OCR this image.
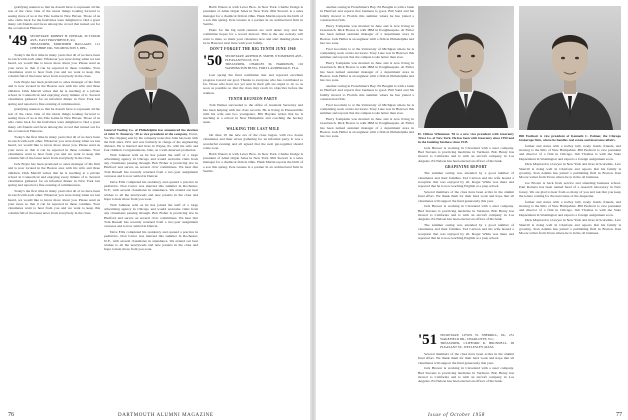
gratifying reunion so that he doesn't have to represent all the rest of the class. One of the nicest things looking forward to seeing more of us at the Yale Game in New Haven. Those of us who came back for the festivities were delighted to find a great many old friends and faces among the crowd that turned out for the occasion in Hanover.

'49 SECRETARY, ROBERT H. DITMAR, 30 TUDOR AVE., EAST PROVIDENCE, R.I.
TREASURER, MORTIMER BALLAGH, 121 CHESHIRE DR., WILMINGTON 3, DEL.

Today's the first time in many years that all of us have been in touch with each other. Whatever you were doing when we last heard, we would like to know more about you. Please send us your news so that it can be reported in these columns. Your classmates want to hear from you and we want to keep this column full of the latest news from everybody in the class.

Jack Boyle has been promoted to sales manager of his firm and is now located in the Boston area with his wife and three children. Dick Merrill writes that he is teaching at a private school in Connecticut and enjoying every minute of it. Several classmates gathered for an informal dinner in New York last spring and reported a fine evening of reminiscence.

gratifying reunion so that he doesn't have to represent all the rest of the class. One of the nicest things looking forward to seeing more of us at the Yale Game in New Haven. Those of us who came back for the festivities were delighted to find a great many old friends and faces among the crowd that turned out for the occasion in Hanover.

Today's the first time in many years that all of us have been in touch with each other. Whatever you were doing when we last heard, we would like to know more about you. Please send us your news so that it can be reported in these columns. Your classmates want to hear from you and we want to keep this column full of the latest news from everybody in the class.

Jack Boyle has been promoted to sales manager of his firm and is now located in the Boston area with his wife and three children. Dick Merrill writes that he is teaching at a private school in Connecticut and enjoying every minute of it. Several classmates gathered for an informal dinner in New York last spring and reported a fine evening of reminiscence.

Today's the first time in many years that all of us have been in touch with each other. Whatever you were doing when we last heard, we would like to know more about you. Please send us your news so that it can be reported in these columns. Your classmates want to hear from you and we want to keep this column full of the latest news from everybody in the class.

General Tooling Co. of Philadelphia has announced the election of John N. Pomeroy '49 as vice president of the company. Ewart, Va. The clipping sent by the company notes that John has been with the firm since 1951 and was formerly in charge of the engineering division. He is married and lives in Wayne, Pa. with his wife and four children. Congratulations, John, on a well-deserved promotion.

Walt Johnson tells us he has joined the staff of a large advertising agency in Chicago and would welcome visits from any classmates passing through. Bob Fisher is practicing law in Hartford and serves on several civic committees. We hear that Tom Russell has recently returned from a two-year assignment overseas and is now settled in Denver.

Dave Ellis completed his residency and opened a practice in pediatrics. Don Carter was married this summer in Rochester, N.Y., with several classmates in attendance. We extend our best wishes to all the newlyweds and new parents in the class and hope to hear more from you soon.

Walt Johnson tells us he has joined the staff of a large advertising agency in Chicago and would welcome visits from any classmates passing through. Bob Fisher is practicing law in Hartford and serves on several civic committees. We hear that Tom Russell has recently returned from a two-year assignment overseas and is now settled in Denver.

Dave Ellis completed his residency and opened a practice in pediatrics. Don Carter was married this summer in Rochester, N.Y., with several classmates in attendance. We extend our best wishes to all the newlyweds and new parents in the class and hope to hear more from you soon.

Bobb Waters is with Lever Bros. in New York. Charlie Dodge is president of Allen Organ Sales in New York. Phil Stewart is a sales manager for a chemical firm in Ohio. Hank Martin reports the birth of a son this spring. Pete Greene is a partner in an architectural firm in Seattle.

Plans for the big tenth reunion are well under way and the committee hopes for a record turnout. This is the one nobody will want to miss, so mark your calendars now and start making plans to be in Hanover next June with your family.

DON'T FORGET THE BIG TENTH JUNE 1960
'50 SECRETARY, ARTHUR B. SMITH, 8 TOMPKINS AVE., PLEASANTVILLE, N.Y.
TREASURER, CHARLES M. HARRISON, 116 WASHINGTON BLVD., FORT LAUDERDALE, FLA.

Last spring the fund committee met and reported excellent progress toward our goal. Thanks to everyone who has contributed so far. Those who have not yet sent in their gift are urged to do so as soon as possible so that the class may reach its objective before the reunion.

TENTH REUNION PARTY

Tom Weiner succeeded to the office of Assistant Secretary and has been helping with the class records. He is living in Pleasantville with his wife and two youngsters. Bill Hayden writes that he is teaching at a school in New Hampshire and coaching the hockey team.

WALKING THE LAST MILE

On June 10 the new era of the class began, with two dozen classmates and their wives gathering for an informal party. It was a wonderful evening and all agreed that the next get-together should come soon.

Bobb Waters is with Lever Bros. in New York. Charlie Dodge is president of Allen Organ Sales in New York. Phil Stewart is a sales manager for a chemical firm in Ohio. Hank Martin reports the birth of a son this spring. Pete Greene is a partner in an architectural firm in Seattle.

76	DARTMOUTH ALUMNI MAGAZINE

another outing in Frenchman's Bay. Ed Baughn is with a bank in Hartford and reports that business is good. Bill Sand and his family moved to Florida this summer where he has joined a construction firm.

Harry Tompkins was married in June and is now living in Greenwich. Dick Bowes is with IBM in Poughkeepsie. Al Fuller has been named assistant manager of a department store in Boston. Jack Heller is an engineer with a firm in Philadelphia and has two sons.

Fred Goodwin is at the University of Michigan where he is completing work on his doctorate. Tony Lane was in Hanover this summer and reports that the campus looks better than ever.

Harry Tompkins was married in June and is now living in Greenwich. Dick Bowes is with IBM in Poughkeepsie. Al Fuller has been named assistant manager of a department store in Boston. Jack Heller is an engineer with a firm in Philadelphia and has two sons.

another outing in Frenchman's Bay. Ed Baughn is with a bank in Hartford and reports that business is good. Bill Sand and his family moved to Florida this summer where he has joined a construction firm.

Fred Goodwin is at the University of Michigan where he is completing work on his doctorate. Tony Lane was in Hanover this summer and reports that the campus looks better than ever.

Harry Tompkins was married in June and is now living in Greenwich. Dick Bowes is with IBM in Poughkeepsie. Al Fuller has been named assistant manager of a department store in Boston. Jack Heller is an engineer with a firm in Philadelphia and has two sons.

H. Clifton Whiteman '50 is a new vice president with Guaranty Trust Co. of New York. He has been with Guaranty since 1950 and in the banking business since 1945.

Jack Brewer is working in Cleveland with a steel company. Bud Stevens is practicing medicine in Vermont. Bob Henry has moved to California and is with an aircraft company in Los Angeles. Ed Nelson has been elected an officer of his bank.

GRAPEVINE REPORT

The summer outing was attended by a good number of classmates and their families. Ted Carlson and his wife hosted a reception that was enjoyed by all. Roger Wilde was there and reported that he is now teaching English at a prep school.

Several members of the class have been active in the alumni fund effort. We thank them for their hard work and hope that all classmates will support the fund generously this year.

Jack Brewer is working in Cleveland with a steel company. Bud Stevens is practicing medicine in Vermont. Bob Henry has moved to California and is with an aircraft company in Los Angeles. Ed Nelson has been elected an officer of his bank.

The summer outing was attended by a good number of classmates and their families. Ted Carlson and his wife hosted a reception that was enjoyed by all. Roger Wilde was there and reported that he is now teaching English at a prep school.

Bill Endicott is vice president of Kenneth C. Palmer, the Chicago brokerage firm, where he handles real estate and insurance affairs.

farmer and states with a trolley bell, ready brush, friends, and moving to the hills of New Hampshire. Bill Endicott is vice president and director of a firm in Chicago. Jim Thomas is with the State Department in Washington and expects a foreign assignment soon.

Dick Maynard is a lawyer in New York and lives in Scarsdale. Lew Sherrill is doing well in Charlotte and reports that his family is growing. Stan Adams has joined a publishing firm in Boston. Ken Moore writes from Texas where he is in the oil business.

Joe Brown is back from service and attending business school. Paul Roberts has been named head of a research laboratory in New Jersey. We are glad to hear from so many of you and ask that you keep the letters coming for the next issue of the magazine.

farmer and states with a trolley bell, ready brush, friends, and moving to the hills of New Hampshire. Bill Endicott is vice president and director of a firm in Chicago. Jim Thomas is with the State Department in Washington and expects a foreign assignment soon.

Dick Maynard is a lawyer in New York and lives in Scarsdale. Lew Sherrill is doing well in Charlotte and reports that his family is growing. Stan Adams has joined a publishing firm in Boston. Ken Moore writes from Texas where he is in the oil business.

'51 SECRETARY, LEWIS W. SHERRILL, JR., 251 WAKEFIELD DR., CHARLOTTE, N.C.
TREASURER, CLIFFORD R. BRUNNELL, 99 PLEASANT ST., WELLESLEY, MASS.

Several members of the class have been active in the alumni fund effort. We thank them for their hard work and hope that all classmates will support the fund generously this year.

Jack Brewer is working in Cleveland with a steel company. Bud Stevens is practicing medicine in Vermont. Bob Henry has moved to California and is with an aircraft company in Los Angeles. Ed Nelson has been elected an officer of his bank.

Issue of October 1958	77
